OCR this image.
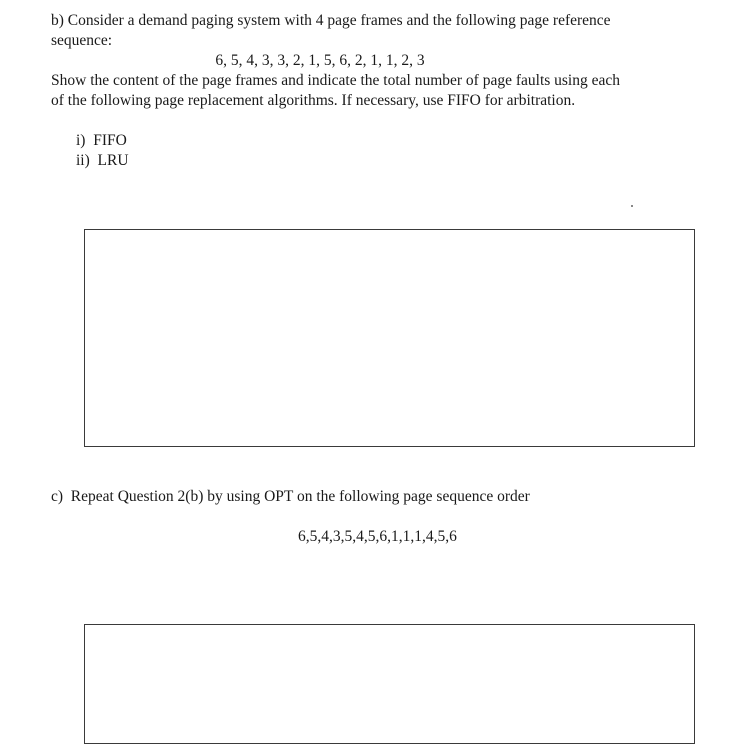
b) Consider a demand paging system with 4 page frames and the following page reference
sequence:
6, 5, 4, 3, 3, 2, 1, 5, 6, 2, 1, 1, 2, 3
Show the content of the page frames and indicate the total number of page faults using each
of the following page replacement algorithms. If necessary, use FIFO for arbitration.
i)  FIFO
ii)  LRU
c)  Repeat Question 2(b) by using OPT on the following page sequence order
6,5,4,3,5,4,5,6,1,1,1,4,5,6
